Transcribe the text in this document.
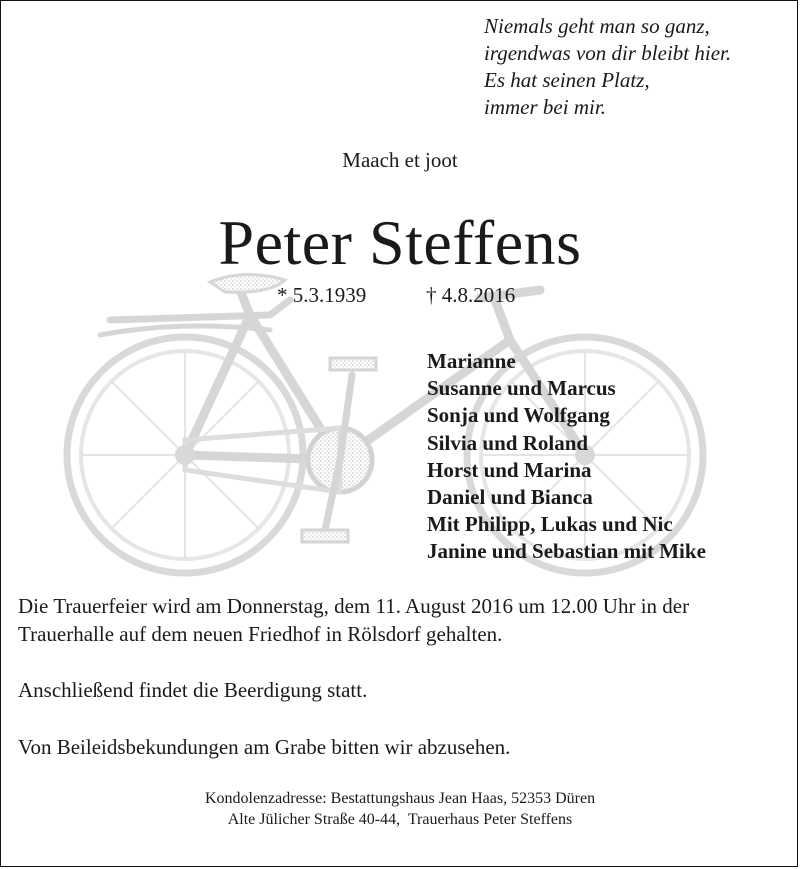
Niemals geht man so ganz,
irgendwas von dir bleibt hier.
Es hat seinen Platz,
immer bei mir.
Maach et joot
Peter Steffens
* 5.3.1939	† 4.8.2016
Marianne
Susanne und Marcus
Sonja und Wolfgang
Silvia und Roland
Horst und Marina
Daniel und Bianca
Mit Philipp, Lukas und Nic
Janine und Sebastian mit Mike
Die Trauerfeier wird am Donnerstag, dem 11. August 2016 um 12.00 Uhr in der
Trauerhalle auf dem neuen Friedhof in Rölsdorf gehalten.
Anschließend findet die Beerdigung statt.
Von Beileidsbekundungen am Grabe bitten wir abzusehen.
Kondolenzadresse: Bestattungshaus Jean Haas, 52353 Düren
Alte Jülicher Straße 40-44,  Trauerhaus Peter Steffens
